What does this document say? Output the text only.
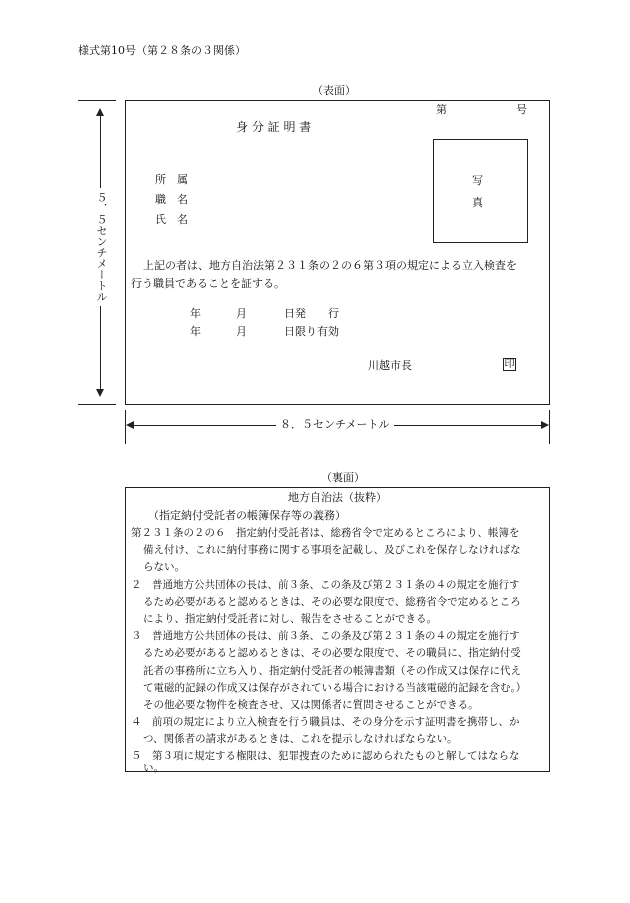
様式第10号（第２８条の３関係）
（表面）
第	号
身 分 証 明 書
写
真
所　属
職　名
氏　名
上記の者は、地方自治法第２３１条の２の６第３項の規定による立入検査を
行う職員であることを証する。
年	月	日発　　行
年	月	日限り有効
川越市長	印
５．５センチメートル
８．５センチメートル
（裏面）
地方自治法（抜粋）
（指定納付受託者の帳簿保存等の義務）
第２３１条の２の６　指定納付受託者は、総務省令で定めるところにより、帳簿を
備え付け、これに納付事務に関する事項を記載し、及びこれを保存しなければな
らない。
２　普通地方公共団体の長は、前３条、この条及び第２３１条の４の規定を施行す
るため必要があると認めるときは、その必要な限度で、総務省令で定めるところ
により、指定納付受託者に対し、報告をさせることができる。
３　普通地方公共団体の長は、前３条、この条及び第２３１条の４の規定を施行す
るため必要があると認めるときは、その必要な限度で、その職員に、指定納付受
託者の事務所に立ち入り、指定納付受託者の帳簿書類（その作成又は保存に代え
て電磁的記録の作成又は保存がされている場合における当該電磁的記録を含む。）
その他必要な物件を検査させ、又は関係者に質問させることができる。
４　前項の規定により立入検査を行う職員は、その身分を示す証明書を携帯し、か
つ、関係者の請求があるときは、これを提示しなければならない。
５　第３項に規定する権限は、犯罪捜査のために認められたものと解してはならな
い。
